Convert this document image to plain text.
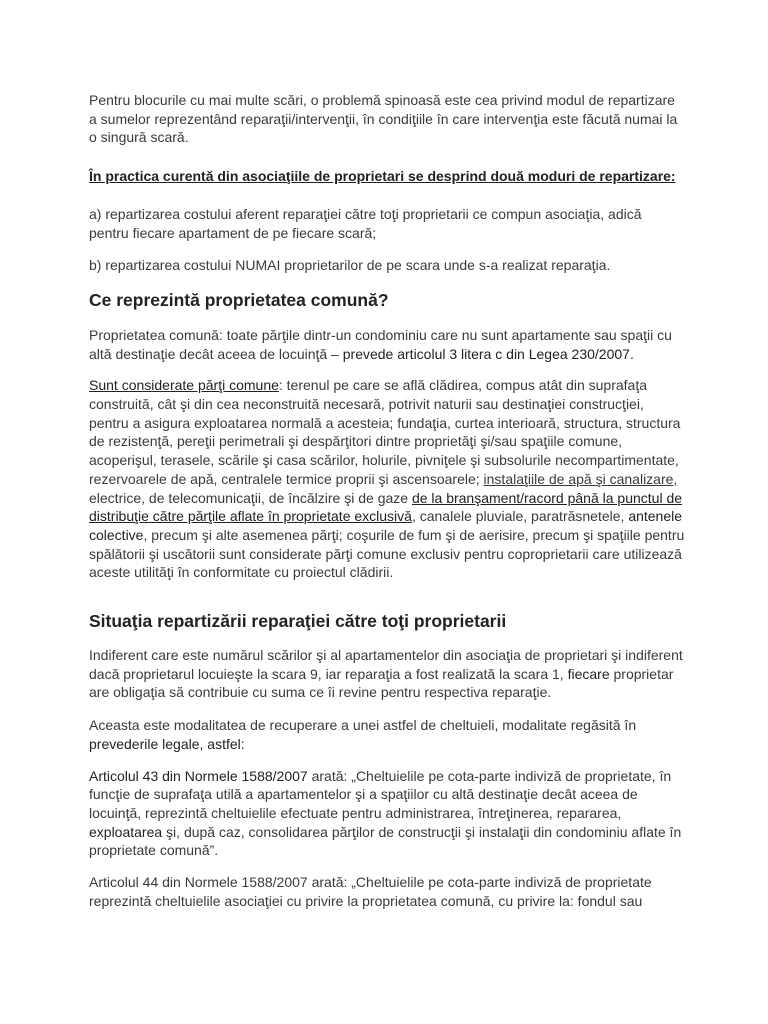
Pentru blocurile cu mai multe scări, o problemă spinoasă este cea privind modul de repartizare a sumelor reprezentând reparaţii/intervenţii, în condiţiile în care intervenţia este făcută numai la o singură scară.

În practica curentă din asociaţiile de proprietari se desprind două moduri de repartizare:

a) repartizarea costului aferent reparaţiei către toţi proprietarii ce compun asociaţia, adică pentru fiecare apartament de pe fiecare scară;

b) repartizarea costului NUMAI proprietarilor de pe scara unde s-a realizat reparaţia.

Ce reprezintă proprietatea comună?

Proprietatea comună: toate părţile dintr-un condominiu care nu sunt apartamente sau spaţii cu altă destinaţie decât aceea de locuinţă – prevede articolul 3 litera c din Legea 230/2007.

Sunt considerate părţi comune: terenul pe care se află clădirea, compus atât din suprafaţa construită, cât şi din cea neconstruită necesară, potrivit naturii sau destinaţiei construcţiei, pentru a asigura exploatarea normală a acesteia; fundaţia, curtea interioară, structura, structura de rezistenţă, pereţii perimetrali şi despărţitori dintre proprietăţi şi/sau spaţiile comune, acoperişul, terasele, scările şi casa scărilor, holurile, pivniţele şi subsolurile necompartimentate, rezervoarele de apă, centralele termice proprii şi ascensoarele; instalaţiile de apă şi canalizare, electrice, de telecomunicaţii, de încălzire şi de gaze de la branşament/racord până la punctul de distribuţie către părţile aflate în proprietate exclusivă, canalele pluviale, paratrăsnetele, antenele colective, precum şi alte asemenea părţi; coşurile de fum şi de aerisire, precum şi spaţiile pentru spălătorii şi uscătorii sunt considerate părţi comune exclusiv pentru coproprietarii care utilizează aceste utilităţi în conformitate cu proiectul clădirii.

Situaţia repartizării reparaţiei către toţi proprietarii

Indiferent care este numărul scărilor şi al apartamentelor din asociaţia de proprietari şi indiferent dacă proprietarul locuieşte la scara 9, iar reparaţia a fost realizată la scara 1, fiecare proprietar are obligaţia să contribuie cu suma ce îi revine pentru respectiva reparaţie.

Aceasta este modalitatea de recuperare a unei astfel de cheltuieli, modalitate regăsită în prevederile legale, astfel:

Articolul 43 din Normele 1588/2007 arată: „Cheltuielile pe cota-parte indiviză de proprietate, în funcţie de suprafaţa utilă a apartamentelor şi a spaţiilor cu altă destinaţie decât aceea de locuinţă, reprezintă cheltuielile efectuate pentru administrarea, întreţinerea, repararea, exploatarea şi, după caz, consolidarea părţilor de construcţii şi instalaţii din condominiu aflate în proprietate comună”.

Articolul 44 din Normele 1588/2007 arată: „Cheltuielile pe cota-parte indiviză de proprietate reprezintă cheltuielile asociaţiei cu privire la proprietatea comună, cu privire la: fondul sau
